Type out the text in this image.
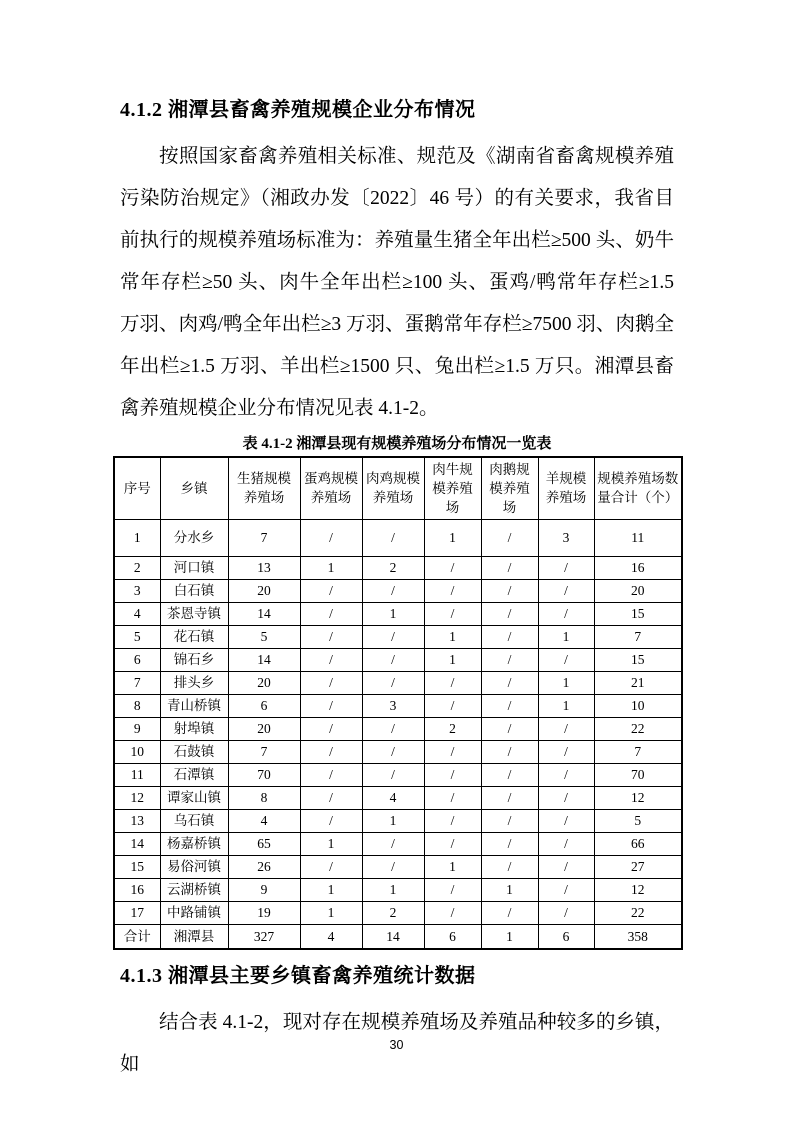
4.1.2 湘潭县畜禽养殖规模企业分布情况

按照国家畜禽养殖相关标准、规范及《湖南省畜禽规模养殖污染防治规定》（湘政办发〔2022〕46 号）的有关要求，我省目前执行的规模养殖场标准为：养殖量生猪全年出栏≥500 头、奶牛常年存栏≥50 头、肉牛全年出栏≥100 头、蛋鸡/鸭常年存栏≥1.5 万羽、肉鸡/鸭全年出栏≥3 万羽、蛋鹅常年存栏≥7500 羽、肉鹅全年出栏≥1.5 万羽、羊出栏≥1500 只、兔出栏≥1.5 万只。湘潭县畜禽养殖规模企业分布情况见表 4.1-2。

表 4.1-2 湘潭县现有规模养殖场分布情况一览表
序号	乡镇	生猪规模养殖场	蛋鸡规模养殖场	肉鸡规模养殖场	肉牛规模养殖场	肉鹅规模养殖场	羊规模养殖场	规模养殖场数量合计（个）
1	分水乡	7	/	/	1	/	3	11
2	河口镇	13	1	2	/	/	/	16
3	白石镇	20	/	/	/	/	/	20
4	茶恩寺镇	14	/	1	/	/	/	15
5	花石镇	5	/	/	1	/	1	7
6	锦石乡	14	/	/	1	/	/	15
7	排头乡	20	/	/	/	/	1	21
8	青山桥镇	6	/	3	/	/	1	10
9	射埠镇	20	/	/	2	/	/	22
10	石鼓镇	7	/	/	/	/	/	7
11	石潭镇	70	/	/	/	/	/	70
12	谭家山镇	8	/	4	/	/	/	12
13	乌石镇	4	/	1	/	/	/	5
14	杨嘉桥镇	65	1	/	/	/	/	66
15	易俗河镇	26	/	/	1	/	/	27
16	云湖桥镇	9	1	1	/	1	/	12
17	中路铺镇	19	1	2	/	/	/	22
合计	湘潭县	327	4	14	6	1	6	358
4.1.3 湘潭县主要乡镇畜禽养殖统计数据

结合表 4.1-2，现对存在规模养殖场及养殖品种较多的乡镇，如

30
